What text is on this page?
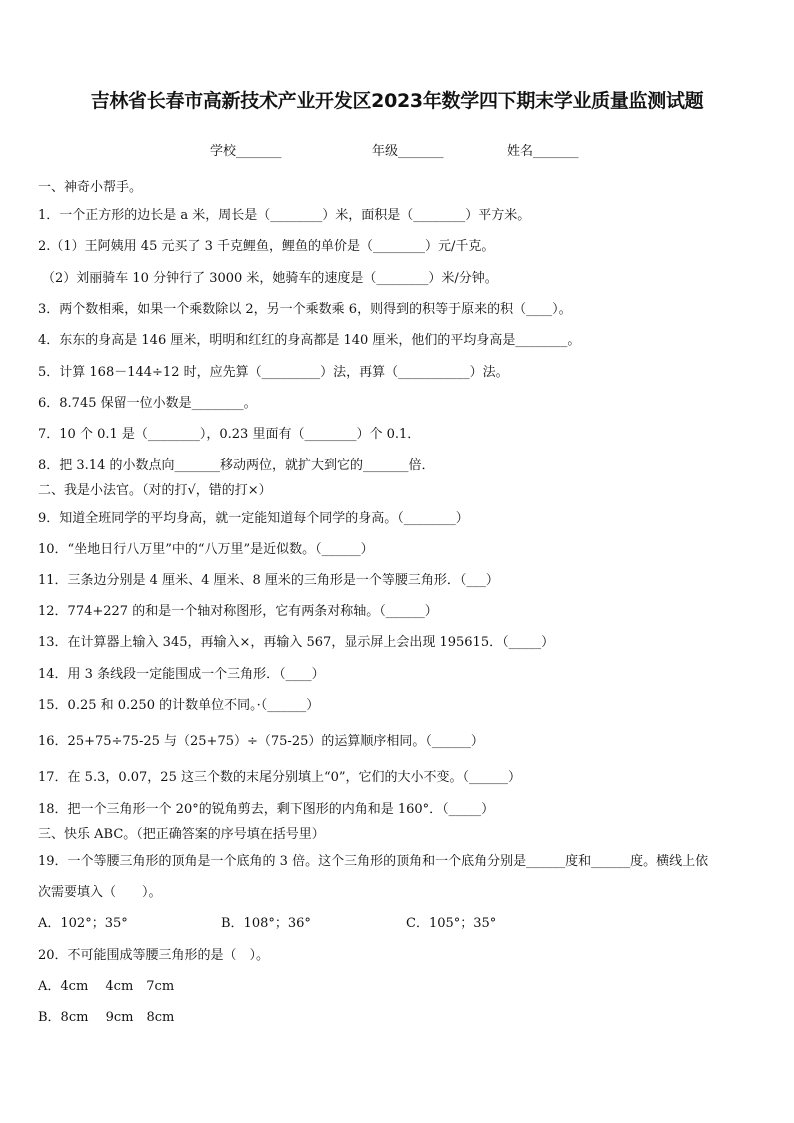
吉林省长春市高新技术产业开发区2023年数学四下期末学业质量监测试题
学校_______	年级_______	姓名_______
一、神奇小帮手。
1．一个正方形的边长是 a 米，周长是（________）米，面积是（________）平方米。
2.（1）王阿姨用 45 元买了 3 千克鲤鱼，鲤鱼的单价是（________）元/千克。
（2）刘丽骑车 10 分钟行了 3000 米，她骑车的速度是（________）米/分钟。
3．两个数相乘，如果一个乘数除以 2，另一个乘数乘 6，则得到的积等于原来的积（____）。
4．东东的身高是 146 厘米，明明和红红的身高都是 140 厘米，他们的平均身高是________。
5．计算 168－144÷12 时，应先算（_________）法，再算（___________）法。
6．8.745 保留一位小数是________。
7．10 个 0.1 是（________），0.23 里面有（________）个 0.1．
8．把 3.14 的小数点向_______移动两位，就扩大到它的_______倍．
二、我是小法官。（对的打√，错的打×）
9．知道全班同学的平均身高，就一定能知道每个同学的身高。（________）
10．“坐地日行八万里”中的“八万里”是近似数。（______）
11．三条边分别是 4 厘米、4 厘米、8 厘米的三角形是一个等腰三角形．（___）
12．774+227 的和是一个轴对称图形，它有两条对称轴。（______）
13．在计算器上输入 345，再输入×，再输入 567，显示屏上会出现 195615．（_____）
14．用 3 条线段一定能围成一个三角形．（____）
15．0.25 和 0.250 的计数单位不同。·（______）
16．25+75÷75-25 与（25+75）÷（75-25）的运算顺序相同。（______）
17．在 5.3，0.07，25 这三个数的末尾分别填上“0”，它们的大小不变。（______）
18．把一个三角形一个 20°的锐角剪去，剩下图形的内角和是 160°．（_____）
三、快乐 ABC。（把正确答案的序号填在括号里）
19．一个等腰三角形的顶角是一个底角的 3 倍。这个三角形的顶角和一个底角分别是______度和______度。横线上依
次需要填入（　　）。
A．102°；35°	B．108°；36°	C．105°；35°
20．不可能围成等腰三角形的是（　）。
A．4cm　 4cm　7cm
B．8cm　 9cm　8cm
